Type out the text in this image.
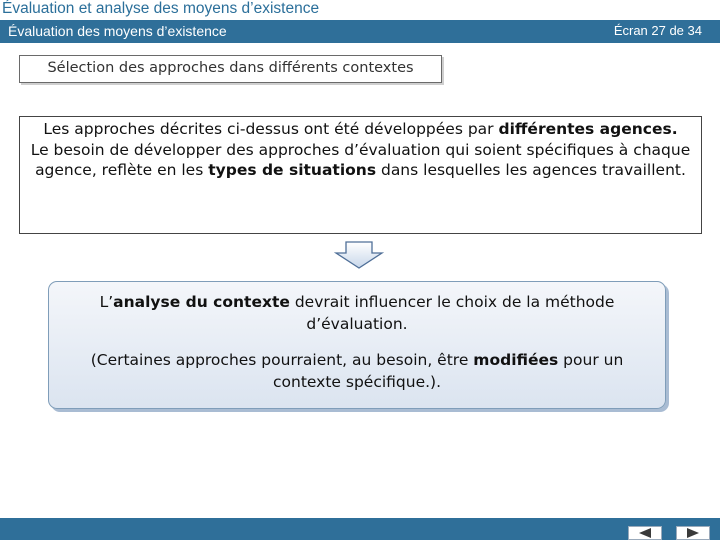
Évaluation et analyse des moyens d’existence
Évaluation des moyens d’existence	Écran 27 de 34
Sélection des approches dans différents contextes

Les approches décrites ci-dessus ont été développées par différentes agences.

Le besoin de développer des approches d’évaluation qui soient spécifiques à chaque agence, reflète en les types de situations dans lesquelles les agences travaillent.

L’analyse du contexte devrait influencer le choix de la méthode d’évaluation.

(Certaines approches pourraient, au besoin, être modifiées pour un contexte spécifique.).
